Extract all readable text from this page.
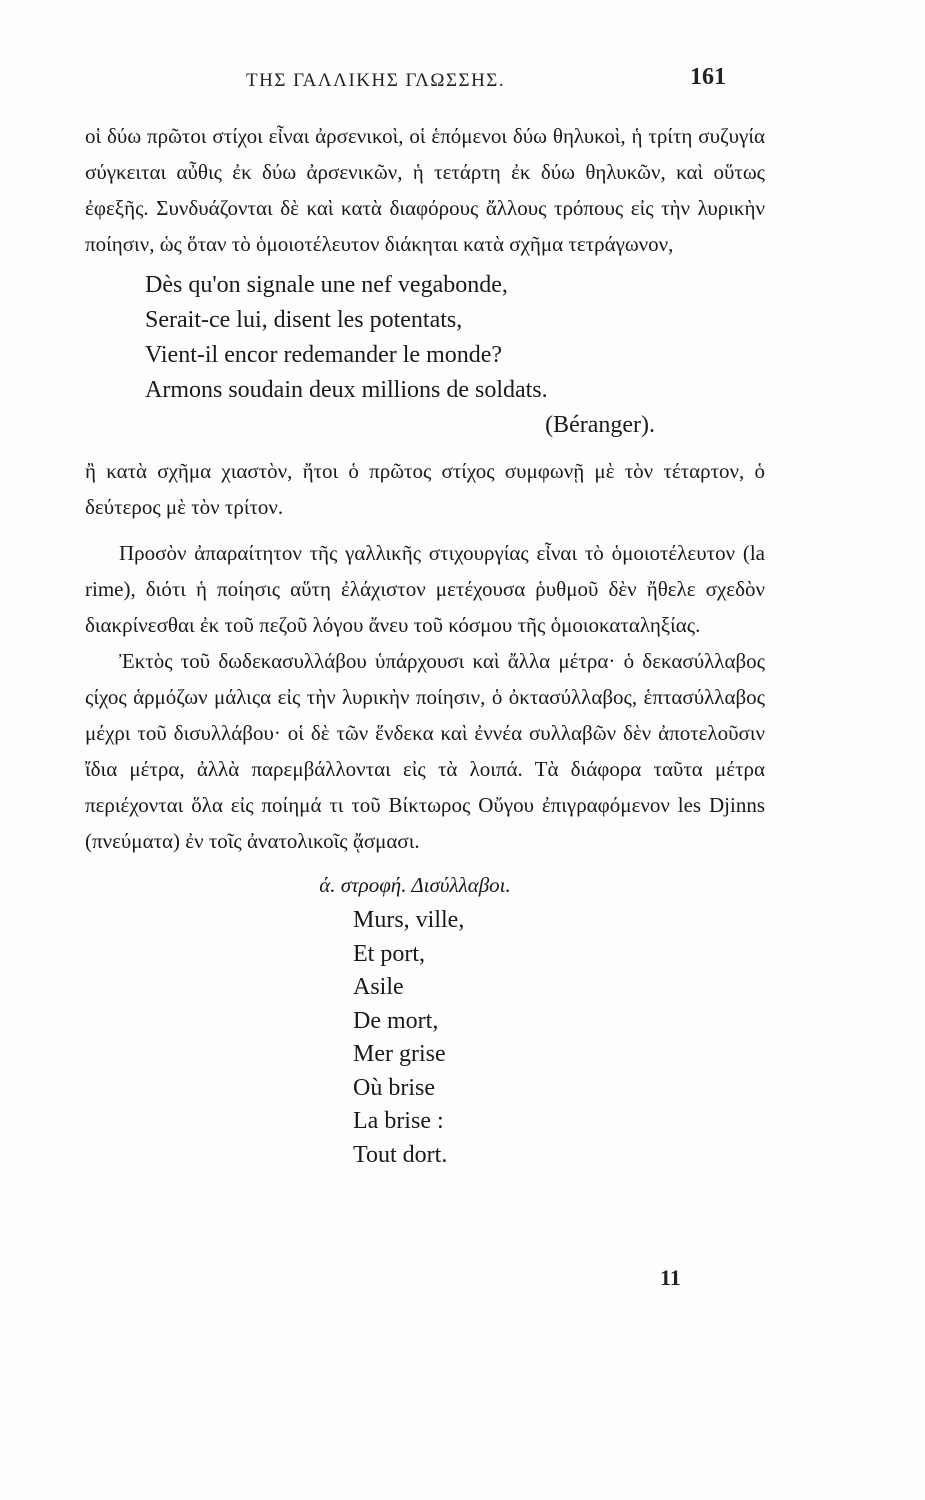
ΤΗΣ ΓΑΛΛΙΚΗΣ ΓΛΩΣΣΗΣ.	161

οἱ δύω πρῶτοι στίχοι εἶναι ἀρσενικοὶ, οἱ ἑπόμενοι δύω θηλυκοὶ, ἡ τρίτη συζυγία σύγκειται αὖθις ἐκ δύω ἀρσενικῶν, ἡ τετάρτη ἐκ δύω θηλυκῶν, καὶ οὕτως ἐφεξῆς. Συνδυάζονται δὲ καὶ κατὰ διαφόρους ἄλλους τρόπους εἰς τὴν λυρικὴν ποίησιν, ὡς ὅταν τὸ ὁμοιοτέλευτον διάκηται κατὰ σχῆμα τετράγωνον,

Dès qu'on signale une nef vegabonde,
Serait-ce lui, disent les potentats,
Vient-il encor redemander le monde?
Armons soudain deux millions de soldats.
(Béranger).

ἢ κατὰ σχῆμα χιαστὸν, ἤτοι ὁ πρῶτος στίχος συμφωνῇ μὲ τὸν τέταρτον, ὁ δεύτερος μὲ τὸν τρίτον.

Προσὸν ἀπαραίτητον τῆς γαλλικῆς στιχουργίας εἶναι τὸ ὁμοιοτέλευτον (la rime), διότι ἡ ποίησις αὕτη ἐλάχιστον μετέχουσα ῥυθμοῦ δὲν ἤθελε σχεδὸν διακρίνεσθαι ἐκ τοῦ πεζοῦ λόγου ἄνευ τοῦ κόσμου τῆς ὁμοιοκαταληξίας.

Ἐκτὸς τοῦ δωδεκασυλλάβου ὑπάρχουσι καὶ ἄλλα μέτρα· ὁ δεκασύλλαβος ςίχος ἁρμόζων μάλιςα εἰς τὴν λυρικὴν ποίησιν, ὁ ὀκτασύλλαβος, ἑπτασύλλαβος μέχρι τοῦ δισυλλάβου· οἱ δὲ τῶν ἕνδεκα καὶ ἐννέα συλλαβῶν δὲν ἀποτελοῦσιν ἴδια μέτρα, ἀλλὰ παρεμβάλλονται εἰς τὰ λοιπά. Τὰ διάφορα ταῦτα μέτρα περιέχονται ὅλα εἰς ποίημά τι τοῦ Βίκτωρος Οὔγου ἐπιγραφόμενον les Djinns (πνεύματα) ἐν τοῖς ἀνατολικοῖς ᾄσμασι.

ά. στροφή. Δισύλλαβοι.
Murs, ville,
Et port,
Asile
De mort,
Mer grise
Où brise
La brise :
Tout dort.
11
